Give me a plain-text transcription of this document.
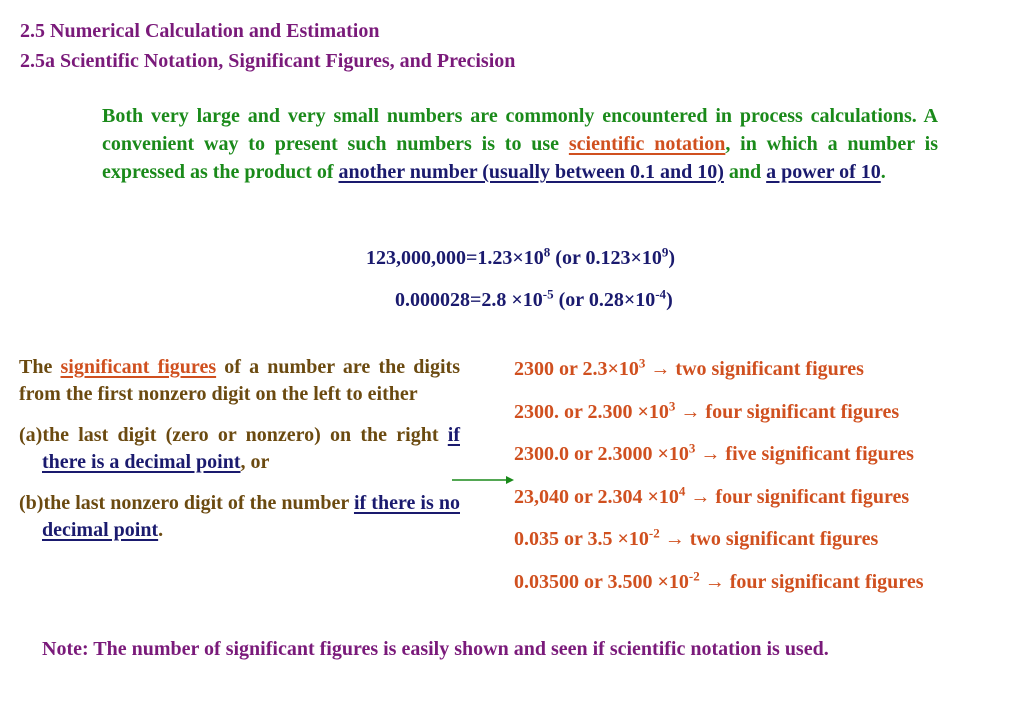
2.5 Numerical Calculation and Estimation
2.5a Scientific Notation, Significant Figures, and Precision
Both very large and very small numbers are commonly encountered in process calculations. A convenient way to present such numbers is to use scientific notation, in which a number is expressed as the product of another number (usually between 0.1 and 10) and a power of 10.
$123,000,000=1.23\times 10^8$ (or $0.123\times 10^9$)
$0.000028=2.8 \times 10^{-5}$ (or $0.28\times 10^{-4}$)

The significant figures of a number are the digits from the first nonzero digit on the left to either

(a)the last digit (zero or nonzero) on the right if there is a decimal point, or

(b)the last nonzero digit of the number if there is no decimal point.

2300 or $2.3\times 10^3$ → two significant figures
2300. or $2.300 \times 10^3$ → four significant figures
2300.0 or $2.3000 \times 10^3$ → five significant figures
23,040 or $2.304 \times 10^4$ → four significant figures
0.035 or $3.5 \times 10^{-2}$ → two significant figures
0.03500 or $3.500 \times 10^{-2}$ → four significant figures
Note: The number of significant figures is easily shown and seen if scientific notation is used.
